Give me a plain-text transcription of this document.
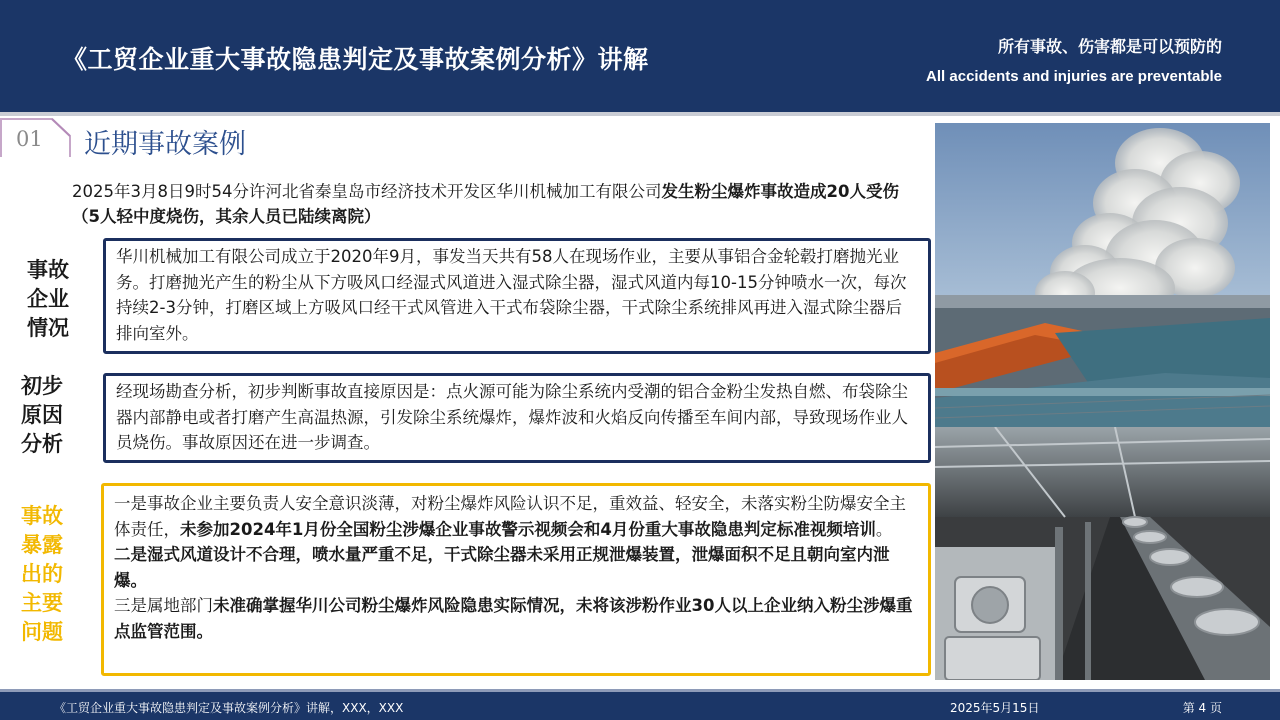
《工贸企业重大事故隐患判定及事故案例分析》讲解	所有事故、伤害都是可以预防的
All accidents and injuries are preventable
01 近期事故案例
2025年3月8日9时54分许河北省秦皇岛市经济技术开发区华川机械加工有限公司发生粉尘爆炸事故造成20人受伤（5人轻中度烧伤，其余人员已陆续离院）
事故
企业
情况
初步
原因
分析
事故
暴露
出的
主要
问题
华川机械加工有限公司成立于2020年9月，事发当天共有58人在现场作业，主要从事铝合金轮毂打磨抛光业务。打磨抛光产生的粉尘从下方吸风口经湿式风道进入湿式除尘器，湿式风道内每10-15分钟喷水一次，每次持续2-3分钟，打磨区域上方吸风口经干式风管进入干式布袋除尘器，干式除尘系统排风再进入湿式除尘器后排向室外。
经现场勘查分析，初步判断事故直接原因是：点火源可能为除尘系统内受潮的铝合金粉尘发热自燃、布袋除尘器内部静电或者打磨产生高温热源，引发除尘系统爆炸，爆炸波和火焰反向传播至车间内部，导致现场作业人员烧伤。事故原因还在进一步调查。

一是事故企业主要负责人安全意识淡薄，对粉尘爆炸风险认识不足，重效益、轻安全，未落实粉尘防爆安全主体责任，未参加2024年1月份全国粉尘涉爆企业事故警示视频会和4月份重大事故隐患判定标准视频培训。

二是湿式风道设计不合理，喷水量严重不足，干式除尘器未采用正规泄爆装置，泄爆面积不足且朝向室内泄爆。

三是属地部门未准确掌握华川公司粉尘爆炸风险隐患实际情况，未将该涉粉作业30人以上企业纳入粉尘涉爆重点监管范围。

《工贸企业重大事故隐患判定及事故案例分析》讲解，XXX，XXX	2025年5月15日	第 4 页
